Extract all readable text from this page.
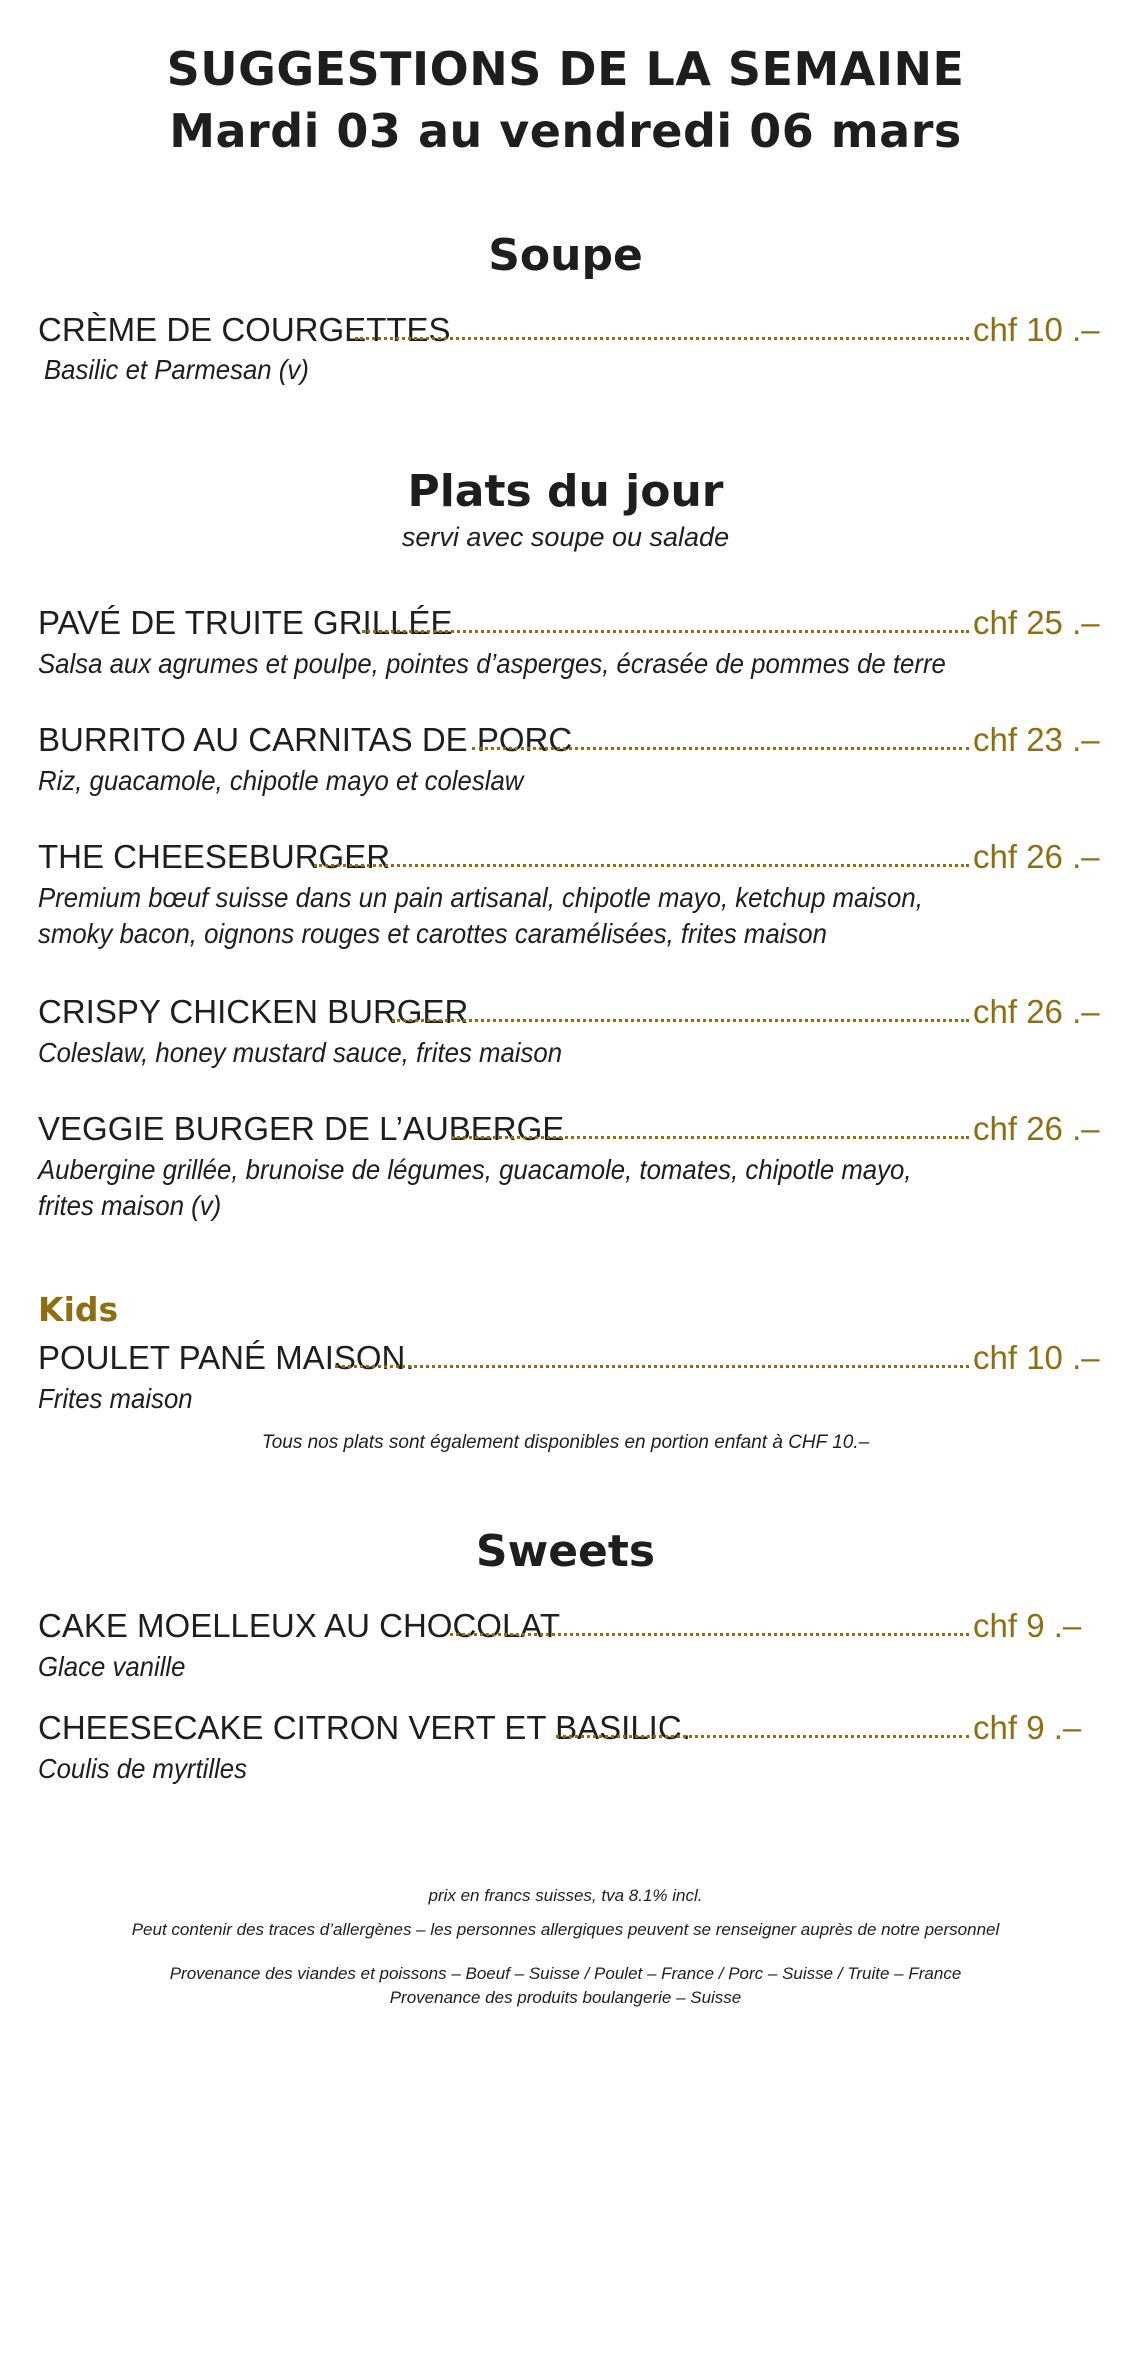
SUGGESTIONS DE LA SEMAINE
Mardi 03 au vendredi 06 mars
Soupe
CRÈME DE COURGETTES	chf 10 .–
Basilic et Parmesan (v)
Plats du jour
servi avec soupe ou salade
PAVÉ DE TRUITE GRILLÉE	chf 25 .–
Salsa aux agrumes et poulpe, pointes d’asperges, écrasée de pommes de terre
BURRITO AU CARNITAS DE PORC	chf 23 .–
Riz, guacamole, chipotle mayo et coleslaw
THE CHEESEBURGER	chf 26 .–
Premium bœuf suisse dans un pain artisanal, chipotle mayo, ketchup maison,
smoky bacon, oignons rouges et carottes caramélisées, frites maison
CRISPY CHICKEN BURGER	chf 26 .–
Coleslaw, honey mustard sauce, frites maison
VEGGIE BURGER DE L’AUBERGE	chf 26 .–
Aubergine grillée, brunoise de légumes, guacamole, tomates, chipotle mayo,
frites maison (v)
Kids
POULET PANÉ MAISON.	chf 10 .–
Frites maison
Tous nos plats sont également disponibles en portion enfant à CHF 10.–
Sweets
CAKE MOELLEUX AU CHOCOLAT	chf 9 .–
Glace vanille
CHEESECAKE CITRON VERT ET BASILIC.	chf 9 .–
Coulis de myrtilles
prix en francs suisses, tva 8.1% incl.
Peut contenir des traces d’allergènes – les personnes allergiques peuvent se renseigner auprès de notre personnel
Provenance des viandes et poissons – Boeuf – Suisse / Poulet – France / Porc – Suisse / Truite – France
Provenance des produits boulangerie – Suisse
